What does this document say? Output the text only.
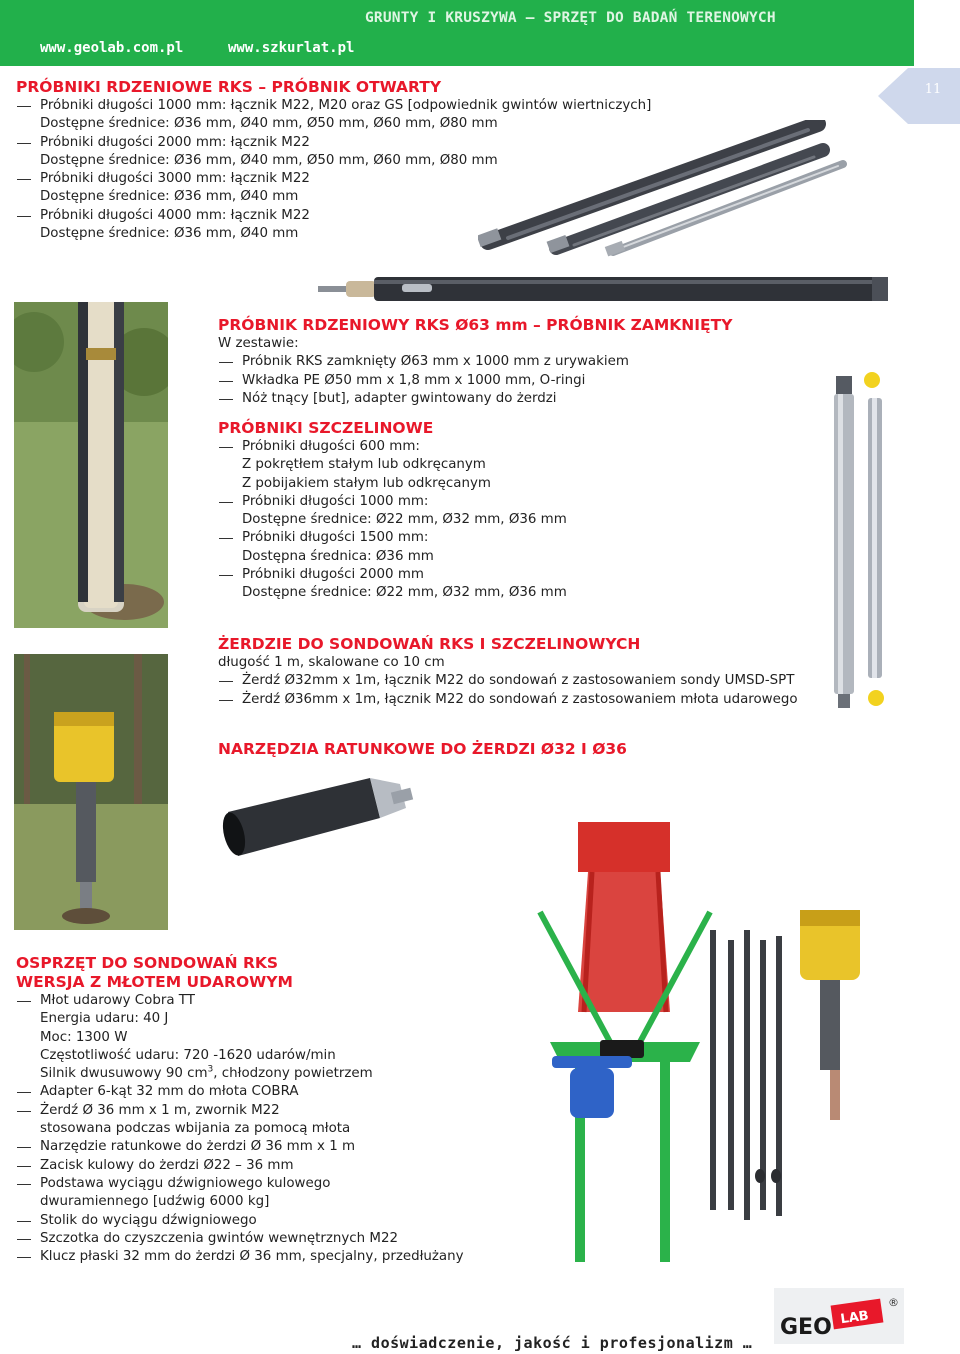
www.geolab.com.pl	www.szkurlat.pl
GRUNTY I KRUSZYWA – SPRZĘT DO BADAŃ TERENOWYCH
11
PRÓBNIKI RDZENIOWE RKS – PRÓBNIK OTWARTY
Próbniki długości 1000 mm: łącznik M22, M20 oraz GS [odpowiednik gwintów wiertniczych]
Dostępne średnice: Ø36 mm, Ø40 mm, Ø50 mm, Ø60 mm, Ø80 mm
Próbniki długości 2000 mm: łącznik M22
Dostępne średnice: Ø36 mm, Ø40 mm, Ø50 mm, Ø60 mm, Ø80 mm
Próbniki długości 3000 mm: łącznik M22
Dostępne średnice: Ø36 mm, Ø40 mm
Próbniki długości 4000 mm: łącznik M22
Dostępne średnice: Ø36 mm, Ø40 mm
PRÓBNIK RDZENIOWY RKS Ø63 mm – PRÓBNIK ZAMKNIĘTY
W zestawie:
Próbnik RKS zamknięty Ø63 mm x 1000 mm z urywakiem
Wkładka PE Ø50 mm x 1,8 mm x 1000 mm, O-ringi
Nóż tnący [but], adapter gwintowany do żerdzi
PRÓBNIKI SZCZELINOWE
Próbniki długości 600 mm:
Z pokrętłem stałym lub odkręcanym
Z pobijakiem stałym lub odkręcanym
Próbniki długości 1000 mm:
Dostępne średnice: Ø22 mm, Ø32 mm, Ø36 mm
Próbniki długości 1500 mm:
Dostępna średnica: Ø36 mm
Próbniki długości 2000 mm
Dostępne średnice: Ø22 mm, Ø32 mm, Ø36 mm
ŻERDZIE DO SONDOWAŃ RKS I SZCZELINOWYCH
długość 1 m, skalowane co 10 cm
Żerdź Ø32mm x 1m, łącznik M22 do sondowań z zastosowaniem sondy UMSD-SPT
Żerdź Ø36mm x 1m, łącznik M22 do sondowań z zastosowaniem młota udarowego
NARZĘDZIA RATUNKOWE DO ŻERDZI Ø32 I Ø36
OSPRZĘT DO SONDOWAŃ RKS
WERSJA Z MŁOTEM UDAROWYM
Młot udarowy Cobra TT
Energia udaru: 40 J
Moc: 1300 W
Częstotliwość udaru: 720 -1620 udarów/min
Silnik dwusuwowy 90 $cm^3$, chłodzony powietrzem
Adapter 6-kąt 32 mm do młota COBRA
Żerdź Ø 36 mm x 1 m, zwornik M22
stosowana podczas wbijania za pomocą młota
Narzędzie ratunkowe do żerdzi Ø 36 mm x 1 m
Zacisk kulowy do żerdzi Ø22 – 36 mm
Podstawa wyciągu dźwigniowego kulowego
dwuramiennego [udźwig 6000 kg]
Stolik do wyciągu dźwigniowego
Szczotka do czyszczenia gwintów wewnętrznych M22
Klucz płaski 32 mm do żerdzi Ø 36 mm, specjalny, przedłużany
GEO LAB
®
… doświadczenie, jakość i profesjonalizm …
